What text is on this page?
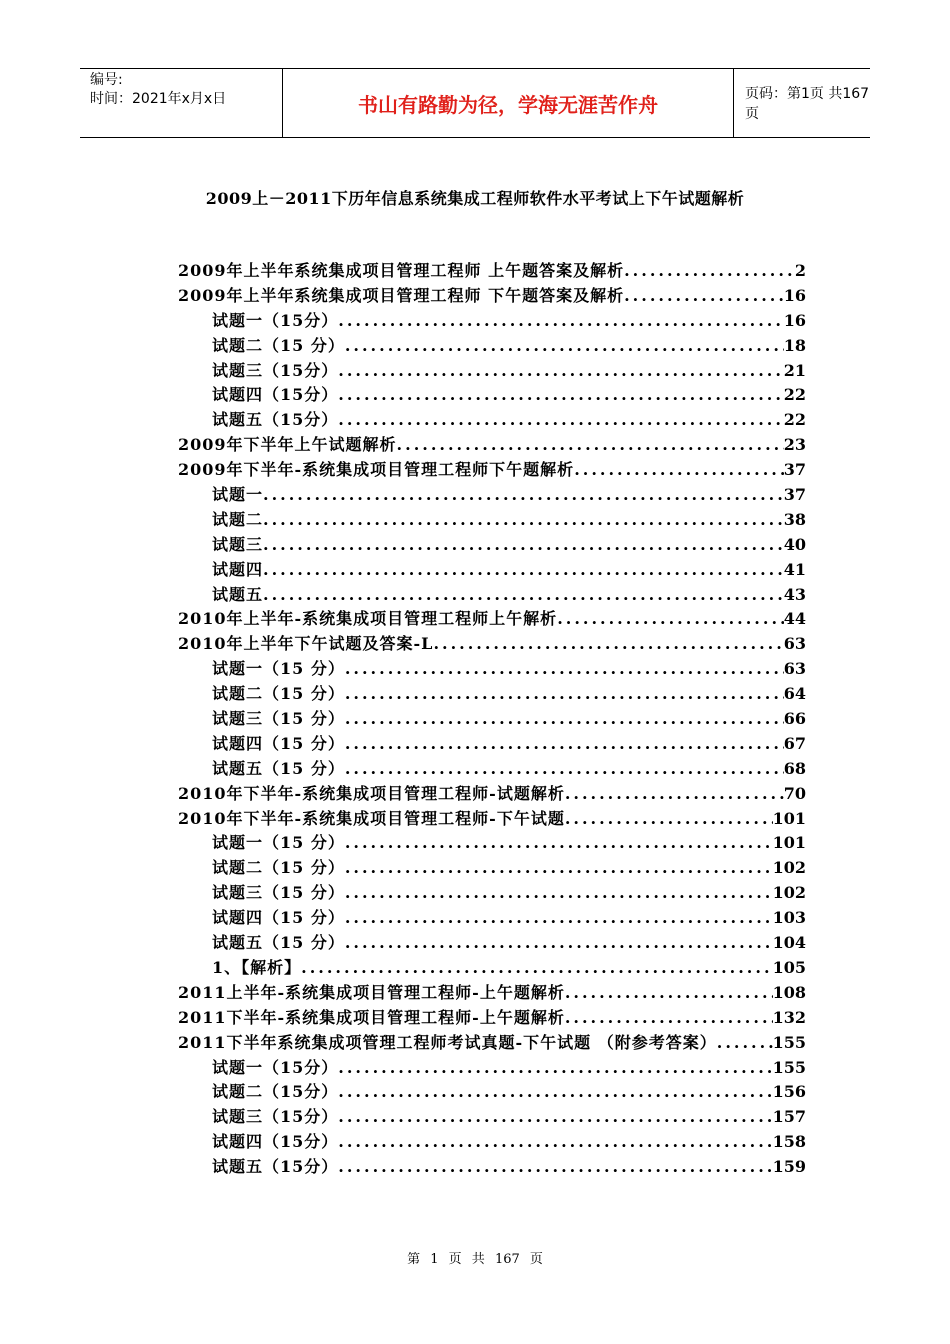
编号:
时间：2021年x月x日	书山有路勤为径，学海无涯苦作舟	页码：第1页 共167页
2009上－2011下历年信息系统集成工程师软件水平考试上下午试题解析
2009年上半年系统集成项目管理工程师 上午题答案及解析 .....	2
2009年上半年系统集成项目管理工程师 下午题答案及解析 .....	16
试题一（15分） .....	16
试题二（15 分） .....	18
试题三（15分） .....	21
试题四（15分） .....	22
试题五（15分） .....	22
2009年下半年上午试题解析 .....	23
2009年下半年-系统集成项目管理工程师下午题解析 .....	37
试题一 .....	37
试题二 .....	38
试题三 .....	40
试题四 .....	41
试题五 .....	43
2010年上半年-系统集成项目管理工程师上午解析 .....	44
2010年上半年下午试题及答案-L .....	63
试题一（15 分） .....	63
试题二（15 分） .....	64
试题三（15 分） .....	66
试题四（15 分） .....	67
试题五（15 分） .....	68
2010年下半年-系统集成项目管理工程师-试题解析 .....	70
2010年下半年-系统集成项目管理工程师-下午试题 .....	101
试题一（15 分） .....	101
试题二（15 分） .....	102
试题三（15 分） .....	102
试题四（15 分） .....	103
试题五（15 分） .....	104
1、【解析】 .....	105
2011上半年-系统集成项目管理工程师-上午题解析 .....	108
2011下半年-系统集成项目管理工程师-上午题解析 .....	132
2011下半年系统集成项管理工程师考试真题-下午试题 （附参考答案） .....	155
试题一（15分） .....	155
试题二（15分） .....	156
试题三（15分） .....	157
试题四（15分） .....	158
试题五（15分） .....	159
第 1 页 共 167 页
